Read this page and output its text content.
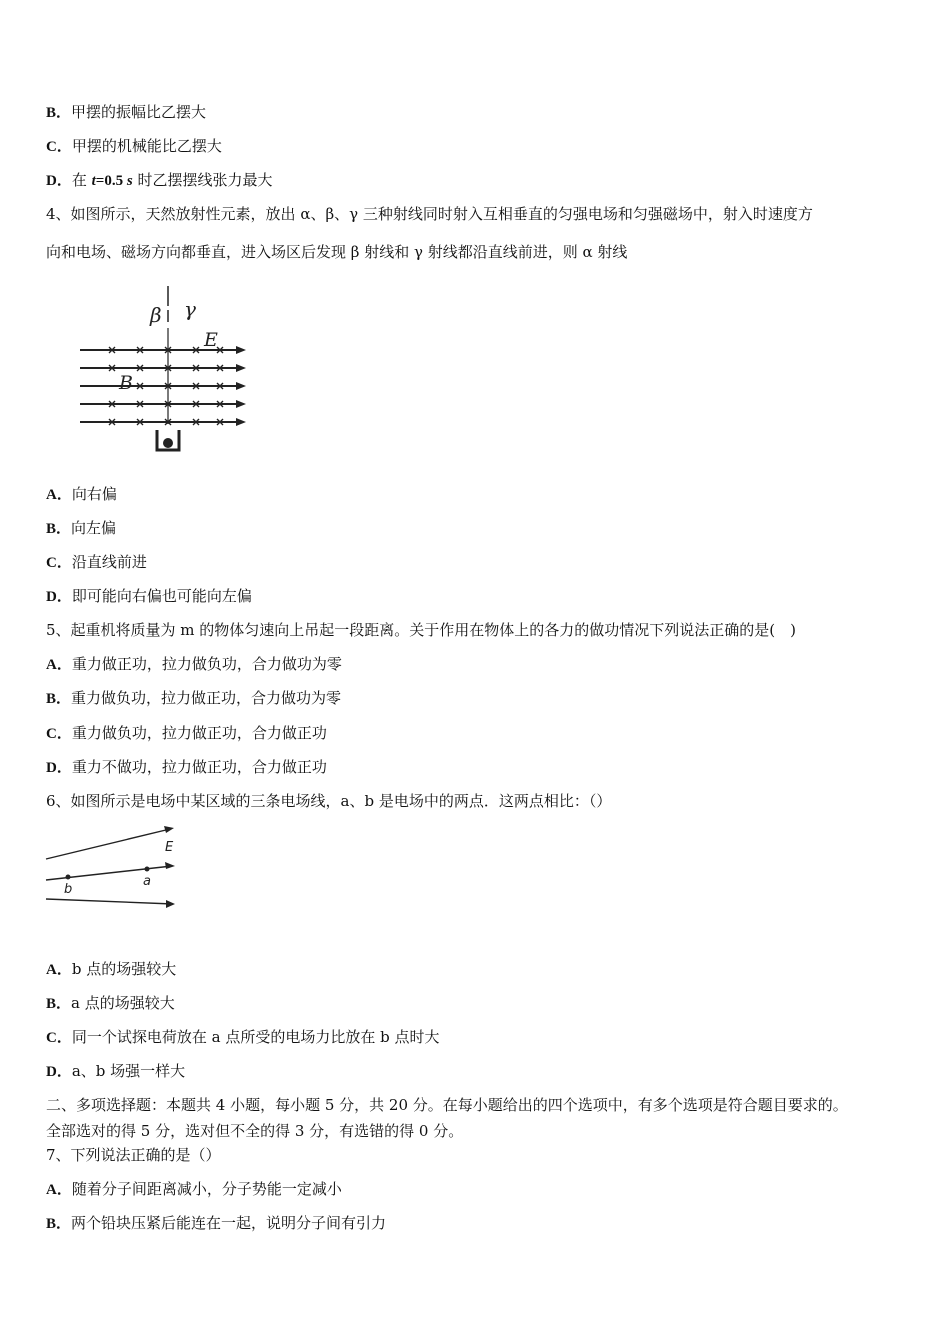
B．甲摆的振幅比乙摆大
C．甲摆的机械能比乙摆大
D．在 t=0.5 s 时乙摆摆线张力最大
4、如图所示，天然放射性元素，放出 α、β、γ 三种射线同时射入互相垂直的匀强电场和匀强磁场中，射入时速度方
向和电场、磁场方向都垂直，进入场区后发现 β 射线和 γ 射线都沿直线前进，则 α 射线
β γ
E
B
A．向右偏
B．向左偏
C．沿直线前进
D．即可能向右偏也可能向左偏
5、起重机将质量为 m 的物体匀速向上吊起一段距离。关于作用在物体上的各力的做功情况下列说法正确的是(　)
A．重力做正功，拉力做负功，合力做功为零
B．重力做负功，拉力做正功，合力做功为零
C．重力做负功，拉力做正功，合力做正功
D．重力不做功，拉力做正功，合力做正功
6、如图所示是电场中某区域的三条电场线，a、b 是电场中的两点．这两点相比：（）
E
a
b
A．b 点的场强较大
B．a 点的场强较大
C．同一个试探电荷放在 a 点所受的电场力比放在 b 点时大
D．a、b 场强一样大
二、多项选择题：本题共 4 小题，每小题 5 分，共 20 分。在每小题给出的四个选项中，有多个选项是符合题目要求的。
全部选对的得 5 分，选对但不全的得 3 分，有选错的得 0 分。
7、下列说法正确的是（）
A．随着分子间距离减小，分子势能一定减小
B．两个铅块压紧后能连在一起，说明分子间有引力
